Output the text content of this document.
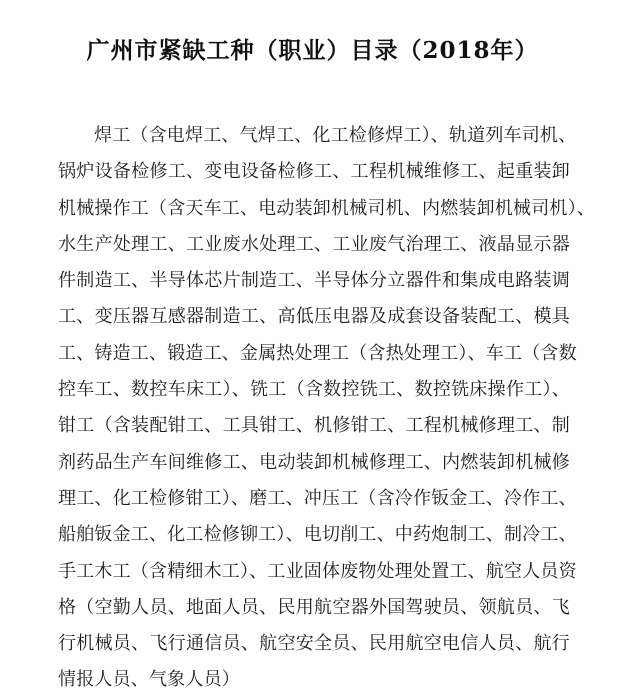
广州市紧缺工种（职业）目录（2018年）
焊工（含电焊工、气焊工、化工检修焊工）、轨道列车司机、
锅炉设备检修工、变电设备检修工、工程机械维修工、起重装卸
机械操作工（含天车工、电动装卸机械司机、内燃装卸机械司机）、
水生产处理工、工业废水处理工、工业废气治理工、液晶显示器
件制造工、半导体芯片制造工、半导体分立器件和集成电路装调
工、变压器互感器制造工、高低压电器及成套设备装配工、模具
工、铸造工、锻造工、金属热处理工（含热处理工）、车工（含数
控车工、数控车床工）、铣工（含数控铣工、数控铣床操作工）、
钳工（含装配钳工、工具钳工、机修钳工、工程机械修理工、制
剂药品生产车间维修工、电动装卸机械修理工、内燃装卸机械修
理工、化工检修钳工）、磨工、冲压工（含冷作钣金工、冷作工、
船舶钣金工、化工检修铆工）、电切削工、中药炮制工、制冷工、
手工木工（含精细木工）、工业固体废物处理处置工、航空人员资
格（空勤人员、地面人员、民用航空器外国驾驶员、领航员、飞
行机械员、飞行通信员、航空安全员、民用航空电信人员、航行
情报人员、气象人员）
